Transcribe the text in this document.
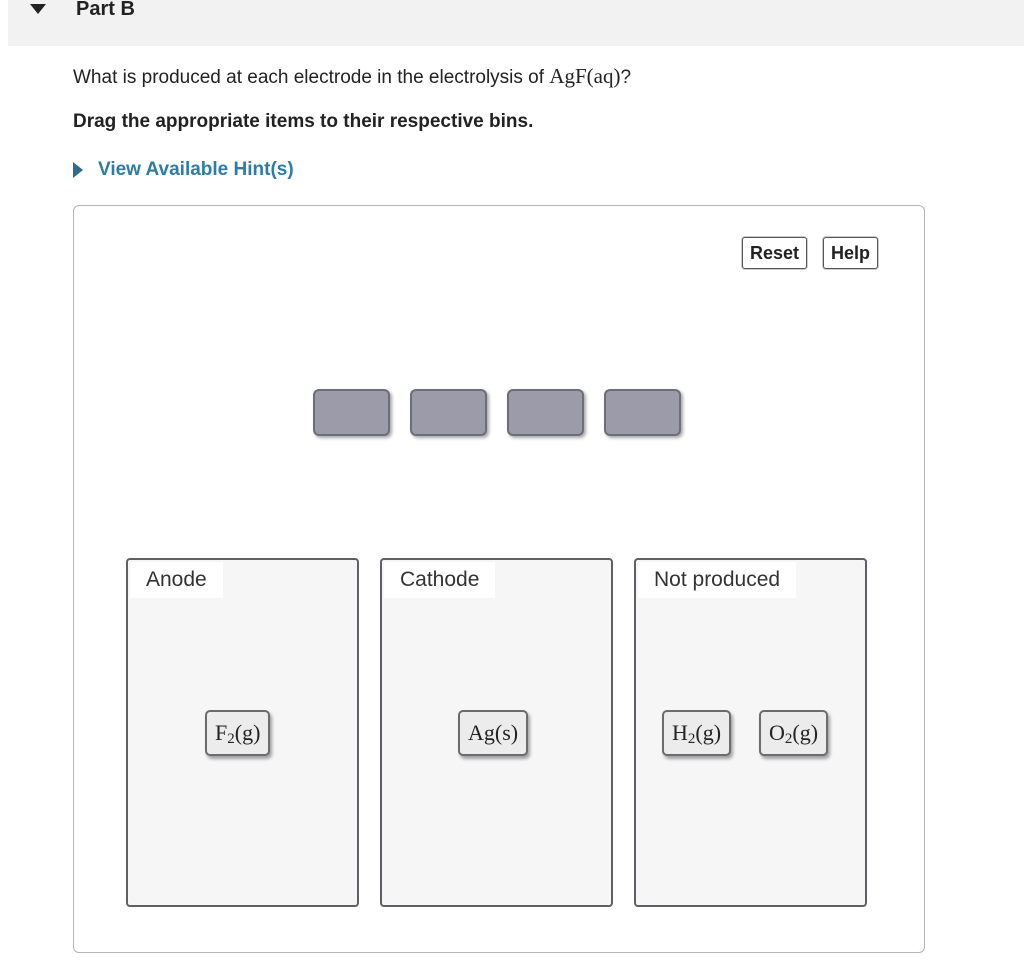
Part B
What is produced at each electrode in the electrolysis of AgF(aq)?
Drag the appropriate items to their respective bins.
View Available Hint(s)
Reset	Help
Anode
$F_2(g)$
Cathode
Ag(s)
Not produced
$H_2(g)$	$O_2(g)$
